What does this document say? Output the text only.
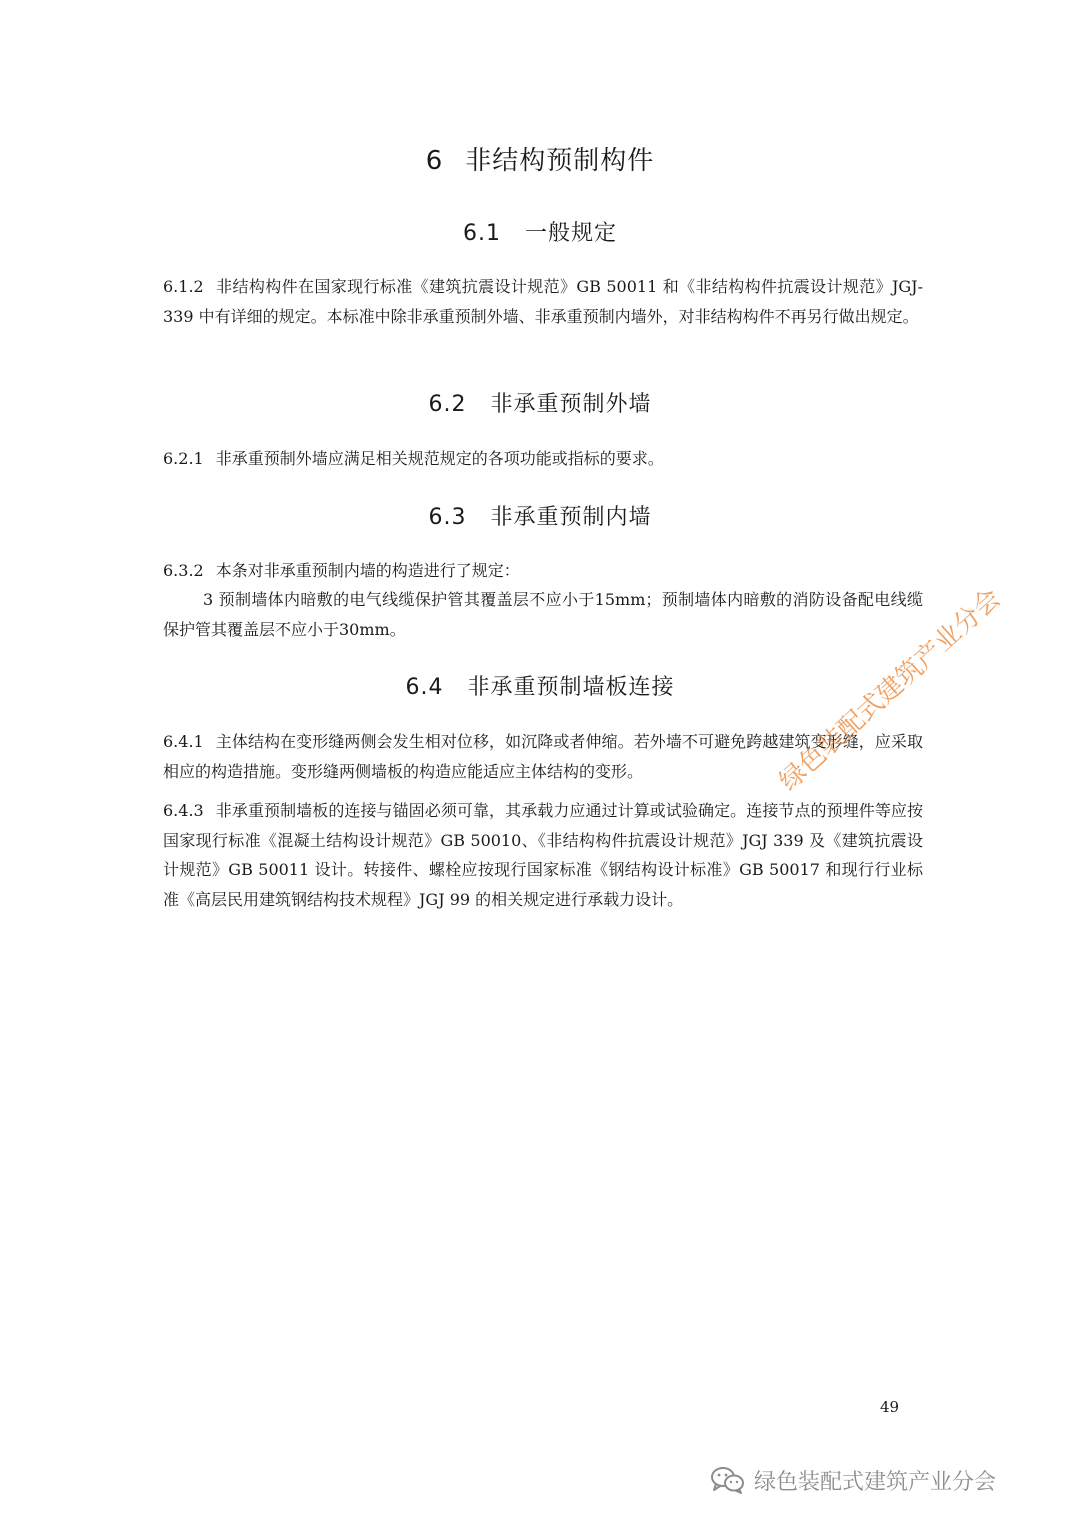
6 非结构预制构件
6.1 一般规定
6.1.2 非结构构件在国家现行标准《建筑抗震设计规范》GB 50011 和《非结构构件抗震设计规范》JGJ-339 中有详细的规定。本标准中除非承重预制外墙、非承重预制内墙外，对非结构构件不再另行做出规定。
6.2 非承重预制外墙
6.2.1 非承重预制外墙应满足相关规范规定的各项功能或指标的要求。
6.3 非承重预制内墙
6.3.2 本条对非承重预制内墙的构造进行了规定：
3 预制墙体内暗敷的电气线缆保护管其覆盖层不应小于15mm；预制墙体内暗敷的消防设备配电线缆保护管其覆盖层不应小于30mm。
6.4 非承重预制墙板连接
6.4.1 主体结构在变形缝两侧会发生相对位移，如沉降或者伸缩。若外墙不可避免跨越建筑变形缝，应采取相应的构造措施。变形缝两侧墙板的构造应能适应主体结构的变形。
6.4.3 非承重预制墙板的连接与锚固必须可靠，其承载力应通过计算或试验确定。连接节点的预埋件等应按国家现行标准《混凝土结构设计规范》GB 50010、《非结构构件抗震设计规范》JGJ 339 及《建筑抗震设计规范》GB 50011 设计。转接件、螺栓应按现行国家标准《钢结构设计标准》GB 50017 和现行行业标准《高层民用建筑钢结构技术规程》JGJ 99 的相关规定进行承载力设计。
49
绿色装配式建筑产业分会
绿色装配式建筑产业分会
